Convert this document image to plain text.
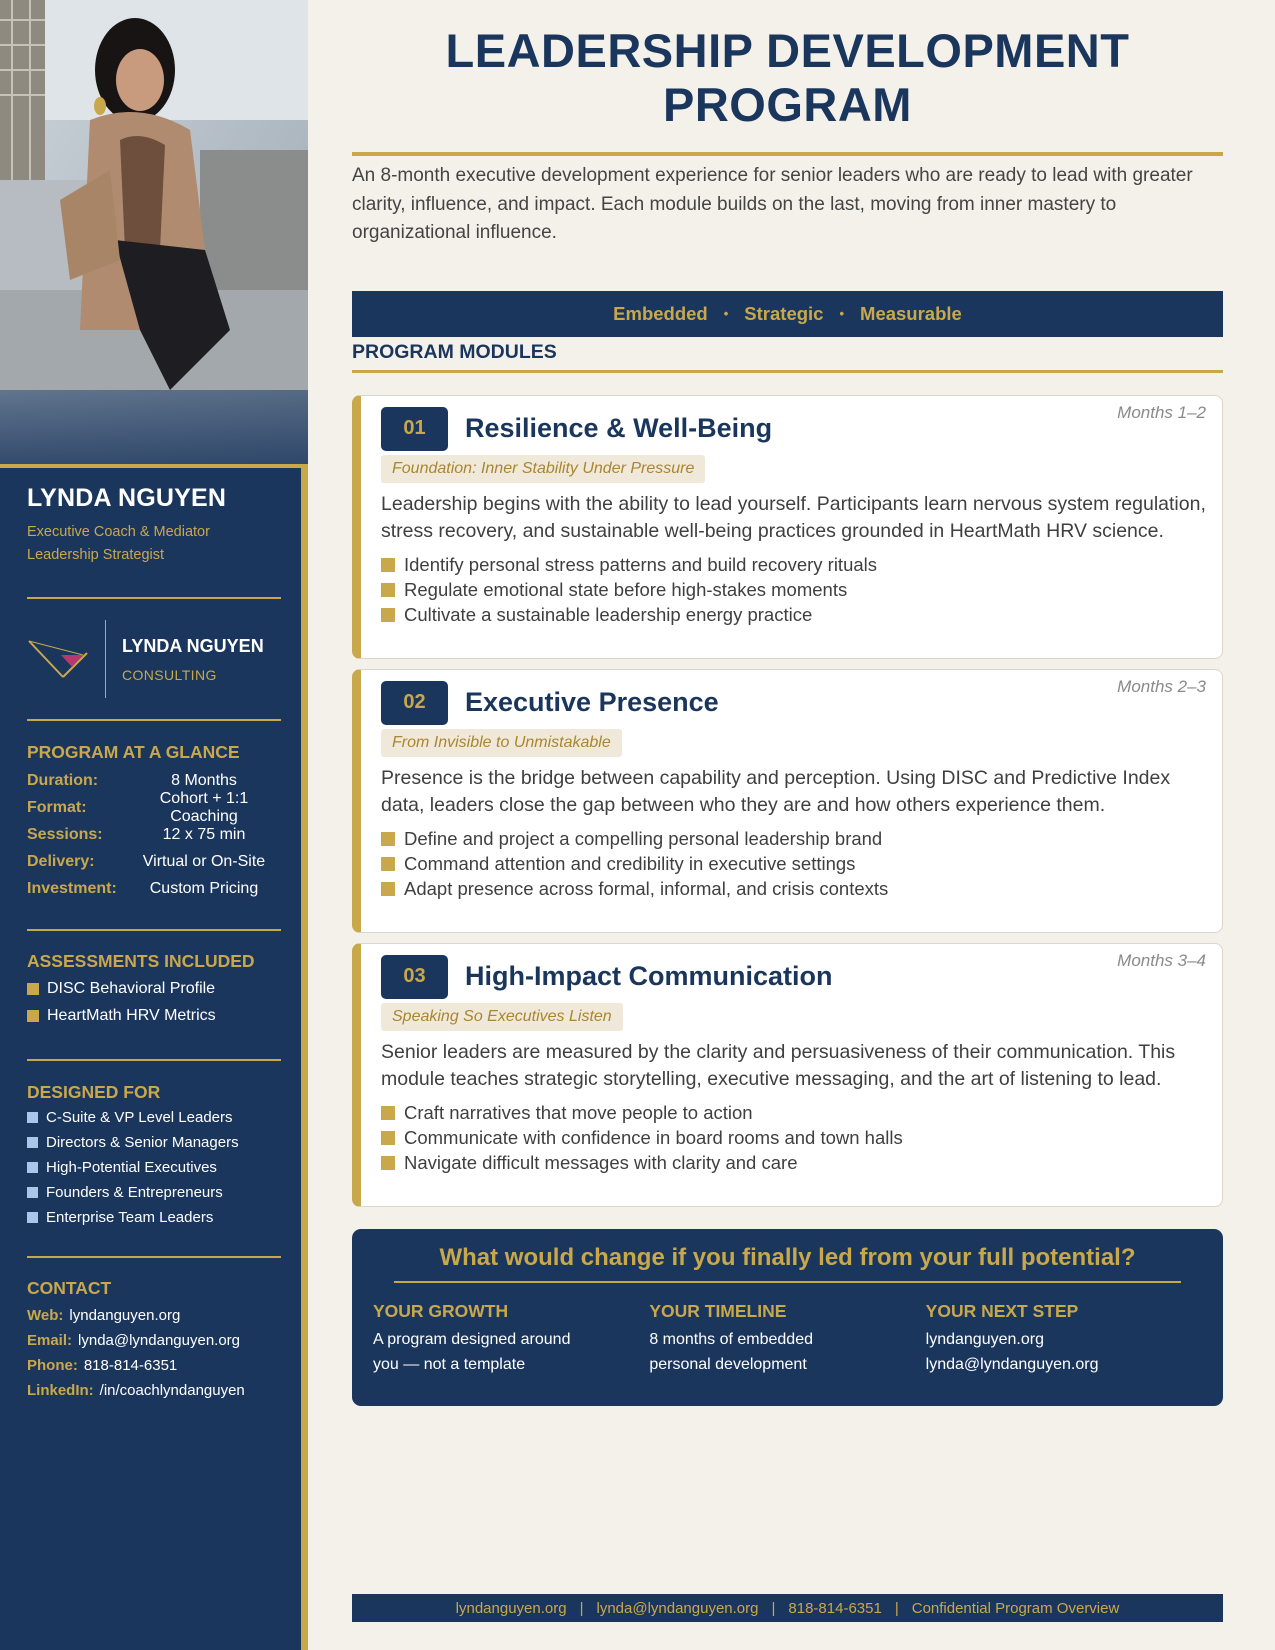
LYNDA NGUYEN
Executive Coach & Mediator
Leadership Strategist
LYNDA NGUYEN
CONSULTING
PROGRAM AT A GLANCE
Duration:	8 Months
Format:
Cohort + 1:1 Coaching
Sessions:	12 x 75 min
Delivery:	Virtual or On-Site
Investment:	Custom Pricing
ASSESSMENTS INCLUDED
DISC Behavioral Profile
HeartMath HRV Metrics
DESIGNED FOR
C-Suite & VP Level Leaders
Directors & Senior Managers
High-Potential Executives
Founders & Entrepreneurs
Enterprise Team Leaders
CONTACT
Web: lyndanguyen.org
Email: lynda@lyndanguyen.org
Phone: 818-814-6351
LinkedIn: /in/coachlyndanguyen
LEADERSHIP DEVELOPMENT
PROGRAM

An 8-month executive development experience for senior leaders who are ready to lead with greater clarity, influence, and impact. Each module builds on the last, moving from inner mastery to organizational influence.

Embedded • Strategic • Measurable
PROGRAM MODULES
Months 1–2
01	Resilience & Well-Being
Foundation: Inner Stability Under Pressure

Leadership begins with the ability to lead yourself. Participants learn nervous system regulation, stress recovery, and sustainable well-being practices grounded in HeartMath HRV science.

Identify personal stress patterns and build recovery rituals
Regulate emotional state before high-stakes moments
Cultivate a sustainable leadership energy practice
Months 2–3
02	Executive Presence
From Invisible to Unmistakable

Presence is the bridge between capability and perception. Using DISC and Predictive Index data, leaders close the gap between who they are and how others experience them.

Define and project a compelling personal leadership brand
Command attention and credibility in executive settings
Adapt presence across formal, informal, and crisis contexts
Months 3–4
03	High-Impact Communication
Speaking So Executives Listen

Senior leaders are measured by the clarity and persuasiveness of their communication. This module teaches strategic storytelling, executive messaging, and the art of listening to lead.

Craft narratives that move people to action
Communicate with confidence in board rooms and town halls
Navigate difficult messages with clarity and care
What would change if you finally led from your full potential?
YOUR GROWTH
A program designed around
you — not a template
YOUR TIMELINE
8 months of embedded
personal development
YOUR NEXT STEP
lyndanguyen.org
lynda@lyndanguyen.org
lyndanguyen.org | lynda@lyndanguyen.org | 818-814-6351 | Confidential Program Overview
